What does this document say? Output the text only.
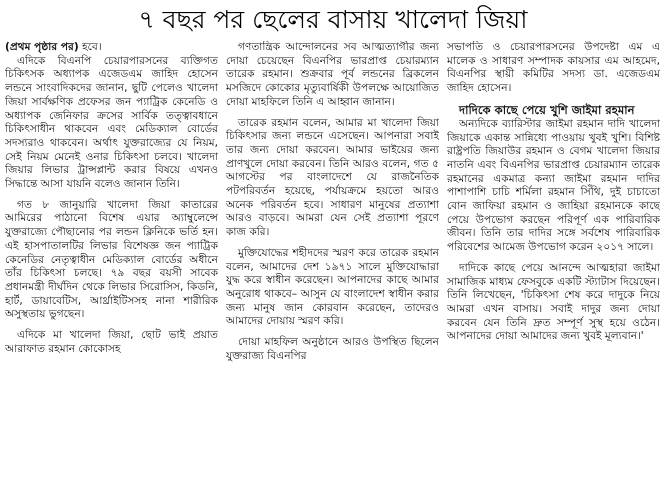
৭ বছর পর ছেলের বাসায় খালেদা জিয়া

(প্রথম পৃষ্ঠার পর) হবে।

এদিকে বিএনপি চেয়ারপারসনের ব্যক্তিগত চিকিৎসক অধ্যাপক এজেডএম জাহিদ হোসেন লন্ডনে সাংবাদিকদের জানান, ছুটি পেলেও খালেদা জিয়া সার্বক্ষণিক প্রফেসর জন প্যাট্রিক কেনেডি ও অধ্যাপক জেনিফার ক্রসের সার্বিক তত্ত্বাবধানে চিকিৎসাধীন থাকবেন এবং মেডিক্যাল বোর্ডের সদস্যরাও থাকবেন। অর্থাৎ যুক্তরাজ্যের যে নিয়ম, সেই নিয়ম মেনেই ওনার চিকিৎসা চলবে। খালেদা জিয়ার লিভার ট্রান্সপ্লান্ট করার বিষয়ে এখনও সিদ্ধান্তে আসা যায়নি বলেও জানান তিনি।

গত ৮ জানুয়ারি খালেদা জিয়া কাতারের আমিরের পাঠানো বিশেষ এয়ার অ্যাম্বুলেন্সে যুক্তরাজ্যে পৌছানোর পর লন্ডন ক্লিনিকে ভর্তি হন। এই হাসপাতালটির লিভার বিশেষজ্ঞ জন প্যাট্রিক কেনেডির নেতৃত্বাধীন মেডিক্যাল বোর্ডের অধীনে তাঁর চিকিৎসা চলছে। ৭৯ বছর বয়সী সাবেক প্রধানমন্ত্রী দীর্ঘদিন থেকে লিভার সিরোসিস, কিডনি, হার্ট, ডায়াবেটিস, আর্থ্রাইটিসসহ নানা শারীরিক অসুস্থতায় ভুগছেন।

এদিকে মা খালেদা জিয়া, ছোট ভাই প্রয়াত আরাফাত রহমান কোকোসহ

গণতান্ত্রিক আন্দোলনের সব আত্মত্যাগীর জন্য দোয়া চেয়েছেন বিএনপির ভারপ্রাপ্ত চেয়ারম্যান তারেক রহমান। শুক্রবার পূর্ব লন্ডনের ব্রিকলেন মসজিদে কোকোর মৃত্যুবার্ষিকী উপলক্ষে আয়োজিত দোয়া মাহফিলে তিনি এ আহ্বান জানান।

তারেক রহমান বলেন, আমার মা খালেদা জিয়া চিকিৎসার জন্য লন্ডনে এসেছেন। আপনারা সবাই তার জন্য দোয়া করবেন। আমার ভাইয়ের জন্য প্রাণখুলে দোয়া করবেন। তিনি আরও বলেন, গত ৫ আগস্টের পর বাংলাদেশে যে রাজনৈতিক পটপরিবর্তন হয়েছে, পর্যায়ক্রমে হয়তো আরও অনেক পরিবর্তন হবে। সাধারণ মানুষের প্রত্যাশা আরও বাড়বে। আমরা যেন সেই প্রত্যাশা পূরণে কাজ করি।

মুক্তিযোদ্ধের শহীদদের স্মরণ করে তারেক রহমান বলেন, আমাদের দেশ ১৯৭১ সালে মুক্তিযোদ্ধারা যুদ্ধ করে স্বাধীন করেছেন। আপনাদের কাছে আমার অনুরোধ থাকবে– আসুন যে বাংলাদেশ স্বাধীন করার জন্য মানুষ জান কোরবান করেছেন, তাদেরও আমাদের দোয়ায় স্মরণ করি।

দোয়া মাহফিল অনুষ্ঠানে আরও উপস্থিত ছিলেন যুক্তরাজ্য বিএনপির

সভাপতি ও চেয়ারপারসনের উপদেষ্টা এম এ মালেক ও সাধারণ সম্পাদক কায়সার এম আহমেদ, বিএনপির স্থায়ী কমিটির সদস্য ডা. এজেডএম জাহিদ হোসেন।

দাদিকে কাছে পেয়ে খুশি জাইমা রহমান

অন্যদিকে ব্যারিস্টার জাইমা রহমান দাদি খালেদা জিয়াকে একান্ত সান্নিধ্যে পাওয়ায় খুবই খুশি। বিশিষ্ট রাষ্ট্রপতি জিয়াউর রহমান ও বেগম খালেদা জিয়ার নাতনি এবং বিএনপির ভারপ্রাপ্ত চেয়ারম্যান তারেক রহমানের একমাত্র কন্যা জাইমা রহমান দাদির পাশাপাশি চাচি শর্মিলা রহমান সিঁথি, দুই চাচাতো বোন জাফিয়া রহমান ও জাহিয়া রহমানকে কাছে পেয়ে উপভোগ করছেন পরিপূর্ণ এক পারিবারিক জীবন। তিনি তার দাদির সঙ্গে সর্বশেষ পারিবারিক পরিবেশের আমেজ উপভোগ করেন ২০১৭ সালে।

দাদিকে কাছে পেয়ে আনন্দে আত্মহারা জাইমা সামাজিক মাধ্যম ফেসবুকে একটি স্ট্যাটাস দিয়েছেন। তিনি লিখেছেন, 'চিকিৎসা শেষ করে দাদুকে নিয়ে আমরা এখন বাসায়। সবাই দাদুর জন্য দোয়া করবেন যেন তিনি দ্রুত সম্পূর্ণ সুস্থ হয়ে ওঠেন। আপনাদের দোয়া আমাদের জন্য খুবই মূল্যবান।'
